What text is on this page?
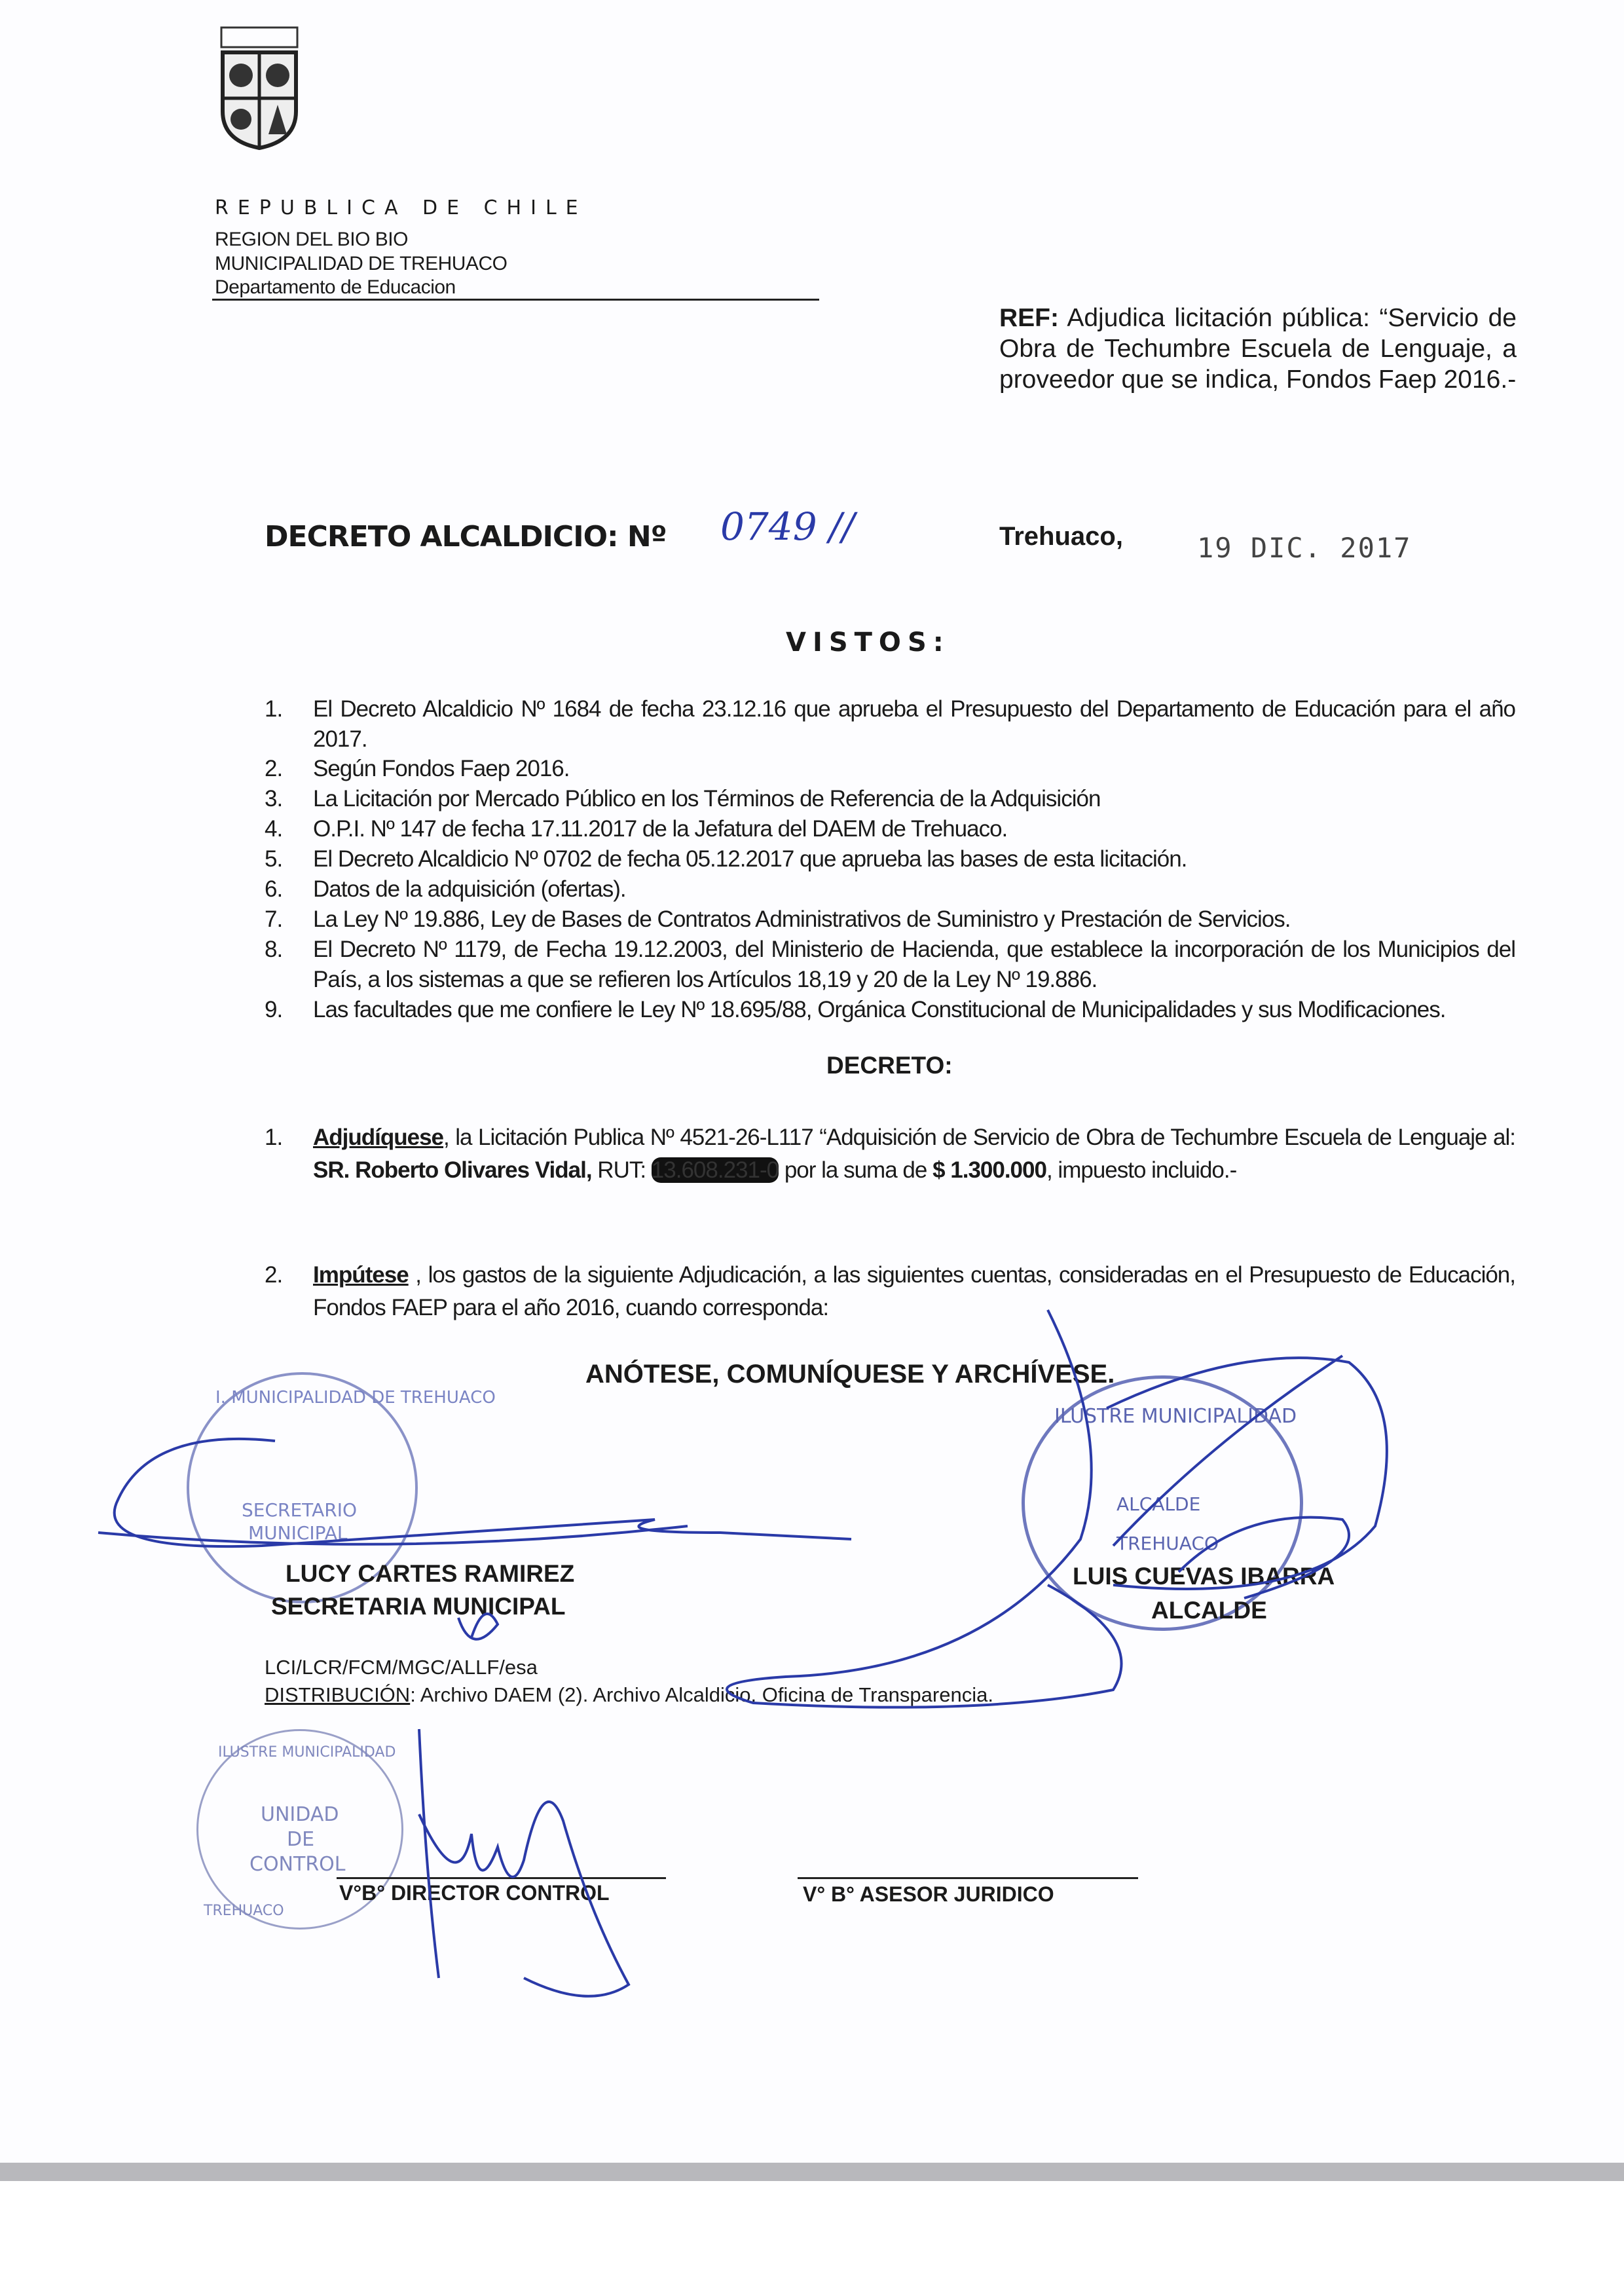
REPUBLICA DE CHILE
REGION DEL BIO BIO
MUNICIPALIDAD DE TREHUACO
Departamento de Educacion
REF: Adjudica licitación pública: “Servicio de Obra de Techumbre Escuela de Lenguaje, a proveedor que se indica, Fondos Faep 2016.-
DECRETO ALCALDICIO: Nº 0749 //	Trehuaco,	19 DIC. 2017
VISTOS:
1. El Decreto Alcaldicio Nº 1684 de fecha 23.12.16 que aprueba el Presupuesto del Departamento de Educación para el año 2017.
2. Según Fondos Faep 2016.
3. La Licitación por Mercado Público en los Términos de Referencia de la Adquisición
4. O.P.I. Nº 147 de fecha 17.11.2017 de la Jefatura del DAEM de Trehuaco.
5. El Decreto Alcaldicio Nº 0702 de fecha 05.12.2017 que aprueba las bases de esta licitación.
6. Datos de la adquisición (ofertas).
7. La Ley Nº 19.886, Ley de Bases de Contratos Administrativos de Suministro y Prestación de Servicios.
8. El Decreto Nº 1179, de Fecha 19.12.2003, del Ministerio de Hacienda, que establece la incorporación de los Municipios del País, a los sistemas a que se refieren los Artículos 18,19 y 20 de la Ley Nº 19.886.
9. Las facultades que me confiere le Ley Nº 18.695/88, Orgánica Constitucional de Municipalidades y sus Modificaciones.
DECRETO:
1. Adjudíquese, la Licitación Publica Nº 4521-26-L117 “Adquisición de Servicio de Obra de Techumbre Escuela de Lenguaje al: SR. Roberto Olivares Vidal, RUT: 13.608.231-0 por la suma de $ 1.300.000, impuesto incluido.-
2. Impútese , los gastos de la siguiente Adjudicación, a las siguientes cuentas, consideradas en el Presupuesto de Educación, Fondos FAEP para el año 2016, cuando corresponda:
ANÓTESE, COMUNÍQUESE Y ARCHÍVESE.
I. MUNICIPALIDAD DE TREHUACO
SECRETARIO
MUNICIPAL
ILUSTRE MUNICIPALIDAD
ALCALDE
TREHUACO
ILUSTRE MUNICIPALIDAD
UNIDAD
DE
CONTROL
TREHUACO
LUCY CARTES RAMIREZ
SECRETARIA MUNICIPAL
LUIS CUEVAS IBARRA
ALCALDE
LCI/LCR/FCM/MGC/ALLF/esa
DISTRIBUCIÓN: Archivo DAEM (2). Archivo Alcaldicio. Oficina de Transparencia.
V°B° DIRECTOR CONTROL	V° B° ASESOR JURIDICO
